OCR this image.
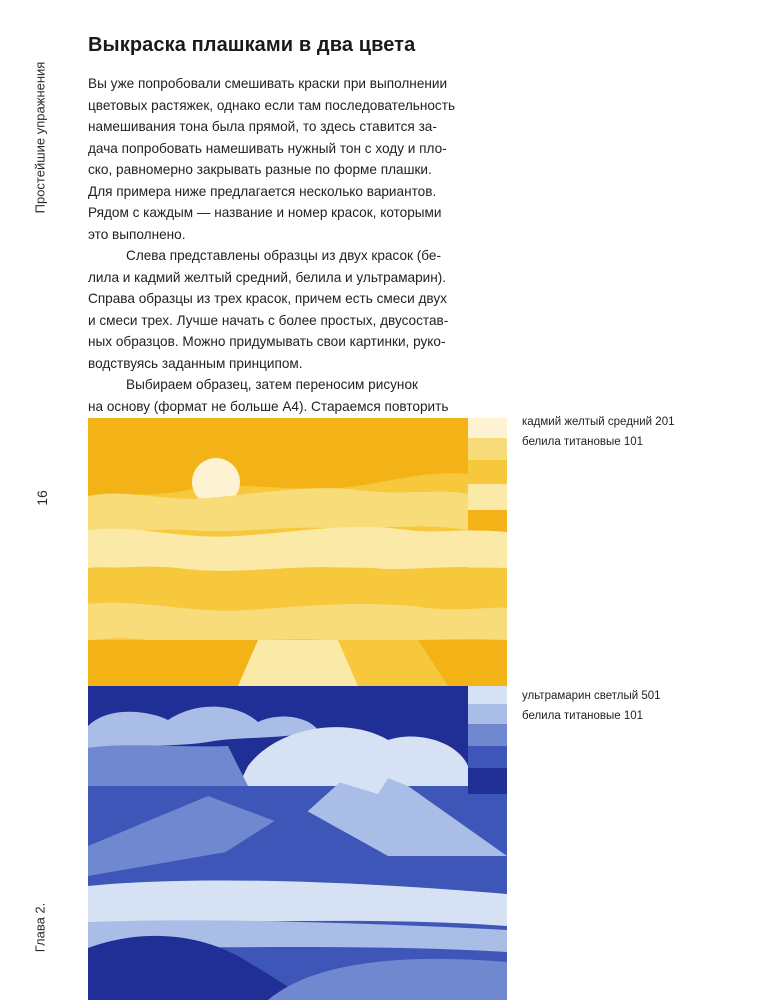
Простейшие упражнения
16
Глава 2.
Выкраска плашками в два цвета
Вы уже попробовали смешивать краски при выполнении
цветовых растяжек, однако если там последовательность
намешивания тона была прямой, то здесь ставится за-
дача попробовать намешивать нужный тон с ходу и пло-
ско, равномерно закрывать разные по форме плашки.
Для примера ниже предлагается несколько вариантов.
Рядом с каждым — название и номер красок, которыми
это выполнено.
Слева представлены образцы из двух красок (бе-
лила и кадмий желтый средний, белила и ультрамарин).
Справа образцы из трех красок, причем есть смеси двух
и смеси трех. Лучше начать с более простых, двусостав-
ных образцов. Можно придумывать свои картинки, руко-
водствуясь заданным принципом.
Выбираем образец, затем переносим рисунок
на основу (формат не больше А4). Стараемся повторить
кадмий желтый средний 201
белила титановые 101
ультрамарин светлый 501
белила титановые 101
